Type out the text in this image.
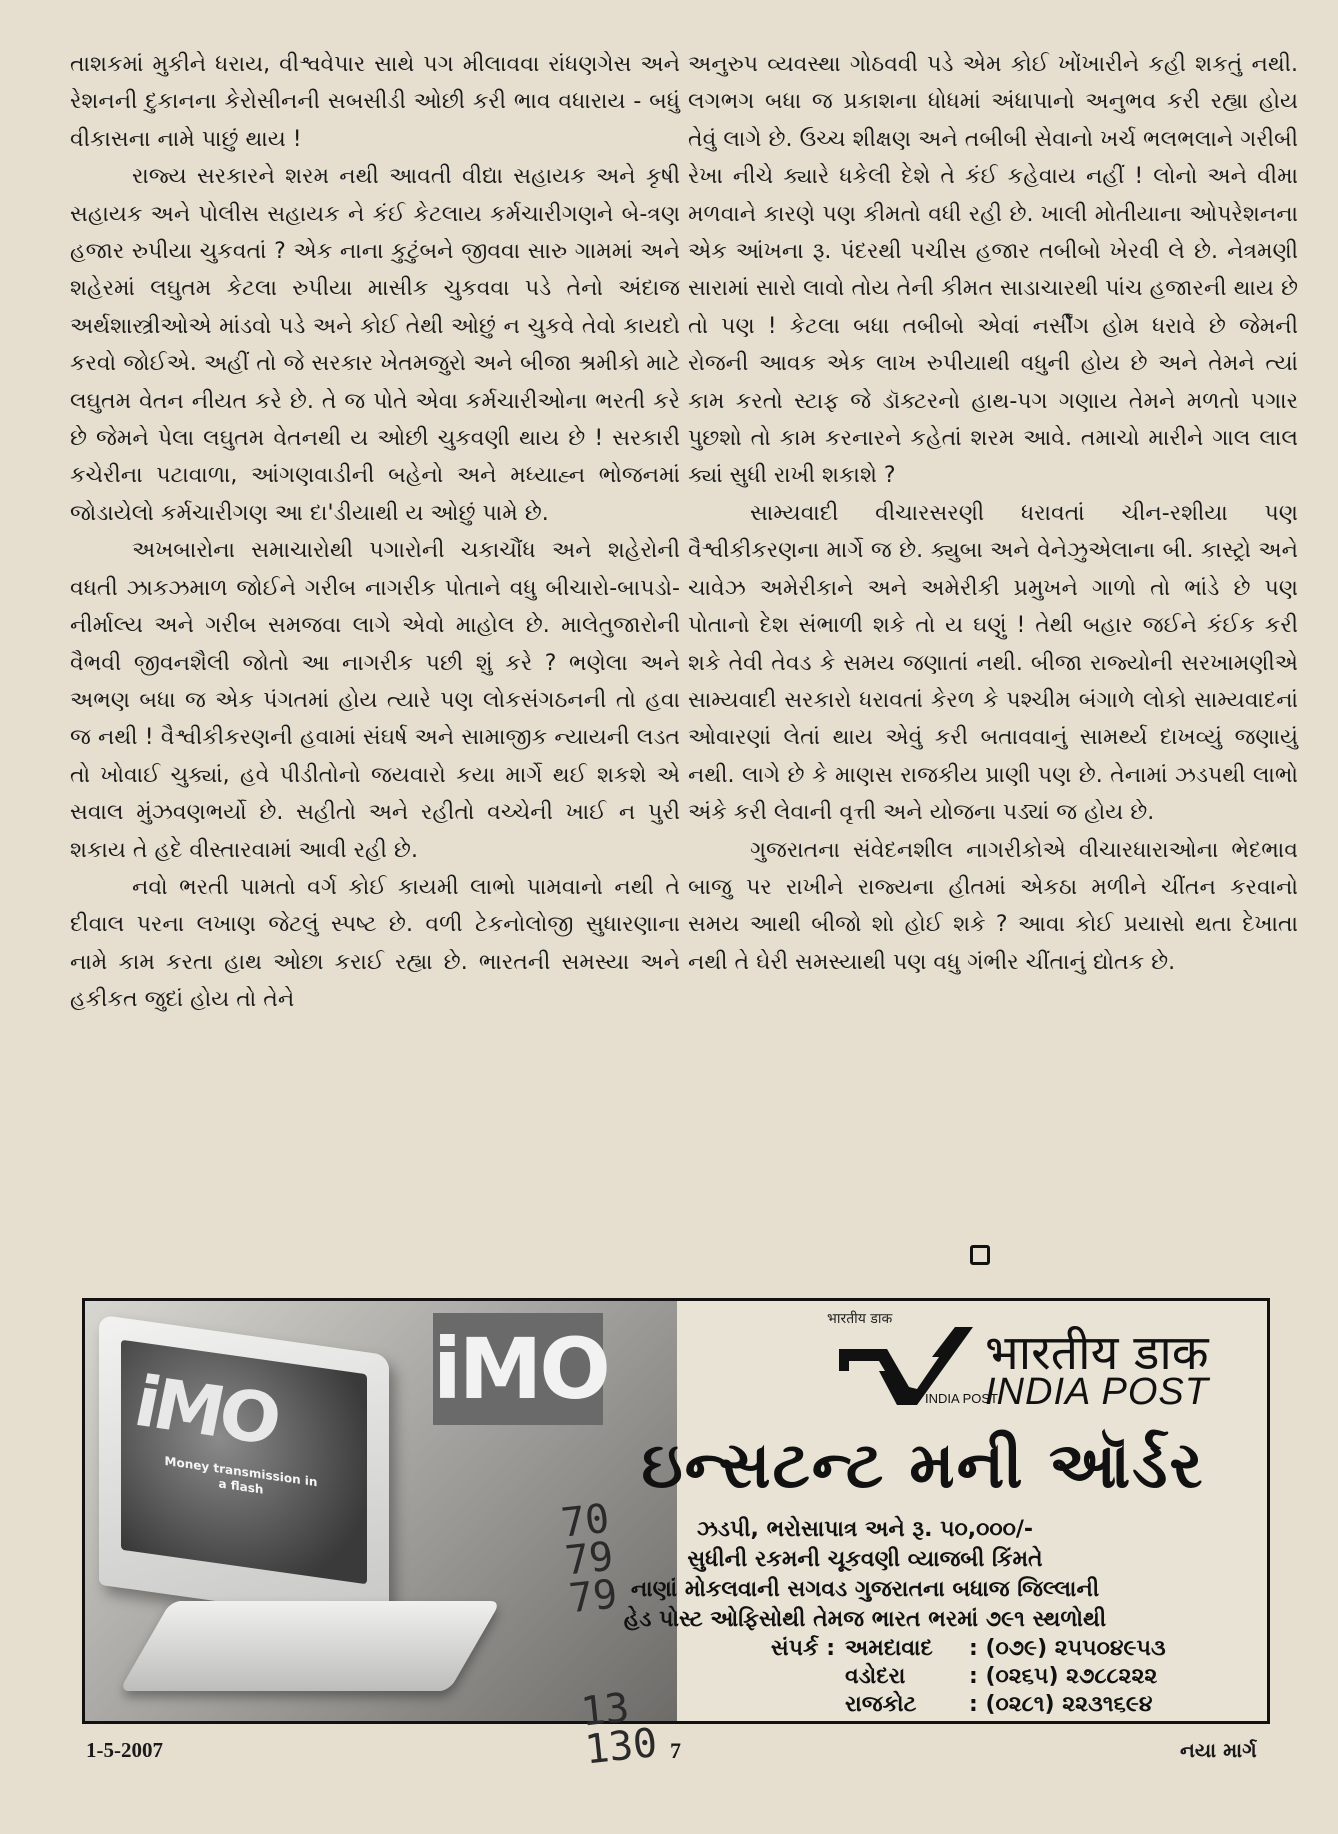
તાશકમાં મુકીને ધરાય, વીશ્વવેપાર સાથે પગ મીલાવવા રાંધણગેસ અને રેશનની દુકાનના કેરોસીનની સબસીડી ઓછી કરી ભાવ વધારાય - બધું વીકાસના નામે પાછું થાય !

રાજ્ય સરકારને શરમ નથી આવતી વીદ્યા સહાયક અને કૃષી સહાયક અને પોલીસ સહાયક ને કંઈ કેટલાય કર્મચારીગણને બે-ત્રણ હજાર રુપીયા ચુકવતાં ? એક નાના કુટુંબને જીવવા સારુ ગામમાં અને શહેરમાં લઘુતમ કેટલા રુપીયા માસીક ચુકવવા પડે તેનો અંદાજ અર્થશાસ્ત્રીઓએ માંડવો પડે અને કોઈ તેથી ઓછું ન ચુકવે તેવો કાયદો કરવો જોઈએ. અહીં તો જે સરકાર ખેતમજુરો અને બીજા શ્રમીકો માટે લઘુતમ વેતન નીયત કરે છે. તે જ પોતે એવા કર્મચારીઓના ભરતી કરે છે જેમને પેલા લઘુતમ વેતનથી ય ઓછી ચુકવણી થાય છે ! સરકારી કચેરીના પટાવાળા, આંગણવાડીની બહેનો અને મધ્યાહ્ન ભોજનમાં જોડાયેલો કર્મચારીગણ આ દા'ડીયાથી ય ઓછું પામે છે.

અખબારોના સમાચારોથી પગારોની ચકાચૌંધ અને શહેરોની વધતી ઝાકઝમાળ જોઈને ગરીબ નાગરીક પોતાને વધુ બીચારો-બાપડો-નીર્માલ્ય અને ગરીબ સમજવા લાગે એવો માહોલ છે. માલેતુજારોની વૈભવી જીવનશૈલી જોતો આ નાગરીક પછી શું કરે ? ભણેલા અને અભણ બધા જ એક પંગતમાં હોય ત્યારે પણ લોકસંગઠનની તો હવા જ નથી ! વૈશ્વીકીકરણની હવામાં સંઘર્ષ અને સામાજીક ન્યાયની લડત તો ખોવાઈ ચુક્યાં, હવે પીડીતોનો જયવારો કયા માર્ગે થઈ શકશે એ સવાલ મુંઝવણભર્યો છે. સહીતો અને રહીતો વચ્ચેની ખાઈ ન પુરી શકાય તે હદે વીસ્તારવામાં આવી રહી છે.

નવો ભરતી પામતો વર્ગ કોઈ કાયમી લાભો પામવાનો નથી તે દીવાલ પરના લખાણ જેટલું સ્પષ્ટ છે. વળી ટેકનોલોજી સુધારણાના નામે કામ કરતા હાથ ઓછા કરાઈ રહ્યા છે. ભારતની સમસ્યા અને હકીકત જુદાં હોય તો તેને

અનુરુપ વ્યવસ્થા ગોઠવવી પડે એમ કોઈ ખોંખારીને કહી શકતું નથી. લગભગ બધા જ પ્રકાશના ધોધમાં અંધાપાનો અનુભવ કરી રહ્યા હોય તેવું લાગે છે. ઉચ્ચ શીક્ષણ અને તબીબી સેવાનો ખર્ચ ભલભલાને ગરીબી રેખા નીચે ક્યારે ધકેલી દેશે તે કંઈ કહેવાય નહીં ! લોનો અને વીમા મળવાને કારણે પણ કીમતો વધી રહી છે. ખાલી મોતીયાના ઓપરેશનના એક આંખના રૂ. પંદરથી પચીસ હજાર તબીબો ખેરવી લે છે. નેત્રમણી સારામાં સારો લાવો તોય તેની કીમત સાડાચારથી પાંચ હજારની થાય છે તો પણ ! કેટલા બધા તબીબો એવાં નર્સીંગ હોમ ધરાવે છે જેમની રોજની આવક એક લાખ રુપીયાથી વધુની હોય છે અને તેમને ત્યાં કામ કરતો સ્ટાફ જે ડૉક્ટરનો હાથ-પગ ગણાય તેમને મળતો પગાર પુછશો તો કામ કરનારને કહેતાં શરમ આવે. તમાચો મારીને ગાલ લાલ ક્યાં સુધી રાખી શકાશે ?

સામ્યવાદી વીચારસરણી ધરાવતાં ચીન-રશીયા પણ વૈશ્વીકીકરણના માર્ગે જ છે. ક્યુબા અને વેનેઝુએલાના બી. કાસ્ટ્રો અને ચાવેઝ અમેરીકાને અને અમેરીકી પ્રમુખને ગાળો તો ભાંડે છે પણ પોતાનો દેશ સંભાળી શકે તો ય ઘણું ! તેથી બહાર જઈને કંઈક કરી શકે તેવી તેવડ કે સમય જણાતાં નથી. બીજા રાજ્યોની સરખામણીએ સામ્યવાદી સરકારો ધરાવતાં કેરળ કે પશ્ચીમ બંગાળે લોકો સામ્યવાદનાં ઓવારણાં લેતાં થાય એવું કરી બતાવવાનું સામર્થ્ય દાખવ્યું જણાયું નથી. લાગે છે કે માણસ રાજકીય પ્રાણી પણ છે. તેનામાં ઝડપથી લાભો અંકે કરી લેવાની વૃત્તી અને યોજના પડ્યાં જ હોય છે.

ગુજરાતના સંવેદનશીલ નાગરીકોએ વીચારધારાઓના ભેદભાવ બાજુ પર રાખીને રાજ્યના હીતમાં એકઠા મળીને ચીંતન કરવાનો સમય આથી બીજો શો હોઈ શકે ? આવા કોઈ પ્રયાસો થતા દેખાતા નથી તે ઘેરી સમસ્યાથી પણ વધુ ગંભીર ચીંતાનું દ્યોતક છે.

iMO
Money transmission in a flash
70
79
79

13
130
iMO
भारतीय डाक
INDIA POST
भारतीय डाक
INDIA POST
ઇન્સટન્ટ મની ઑર્ડર
ઝડપી, ભરોસાપાત્ર અને રૂ. ૫૦,૦૦૦/-
સુધીની રકમની ચૂકવણી વ્યાજબી કિંમતે
નાણાં મોકલવાની સગવડ ગુજરાતના બધાજ જિલ્લાની
હેડ પોસ્ટ ઓફિસોથી તેમજ ભારત ભરમાં ૭૯૧ સ્થળોથી
સંપર્ક : અમદાવાદ	: (૦૭૯) ૨૫૫૦૪૯૫૩
વડોદરા	: (૦૨૬૫) ૨૭૮૮૨૨૨
રાજકોટ	: (૦૨૮૧) ૨૨૩૧૬૯૪
1-5-2007	7	નયા માર્ગ
